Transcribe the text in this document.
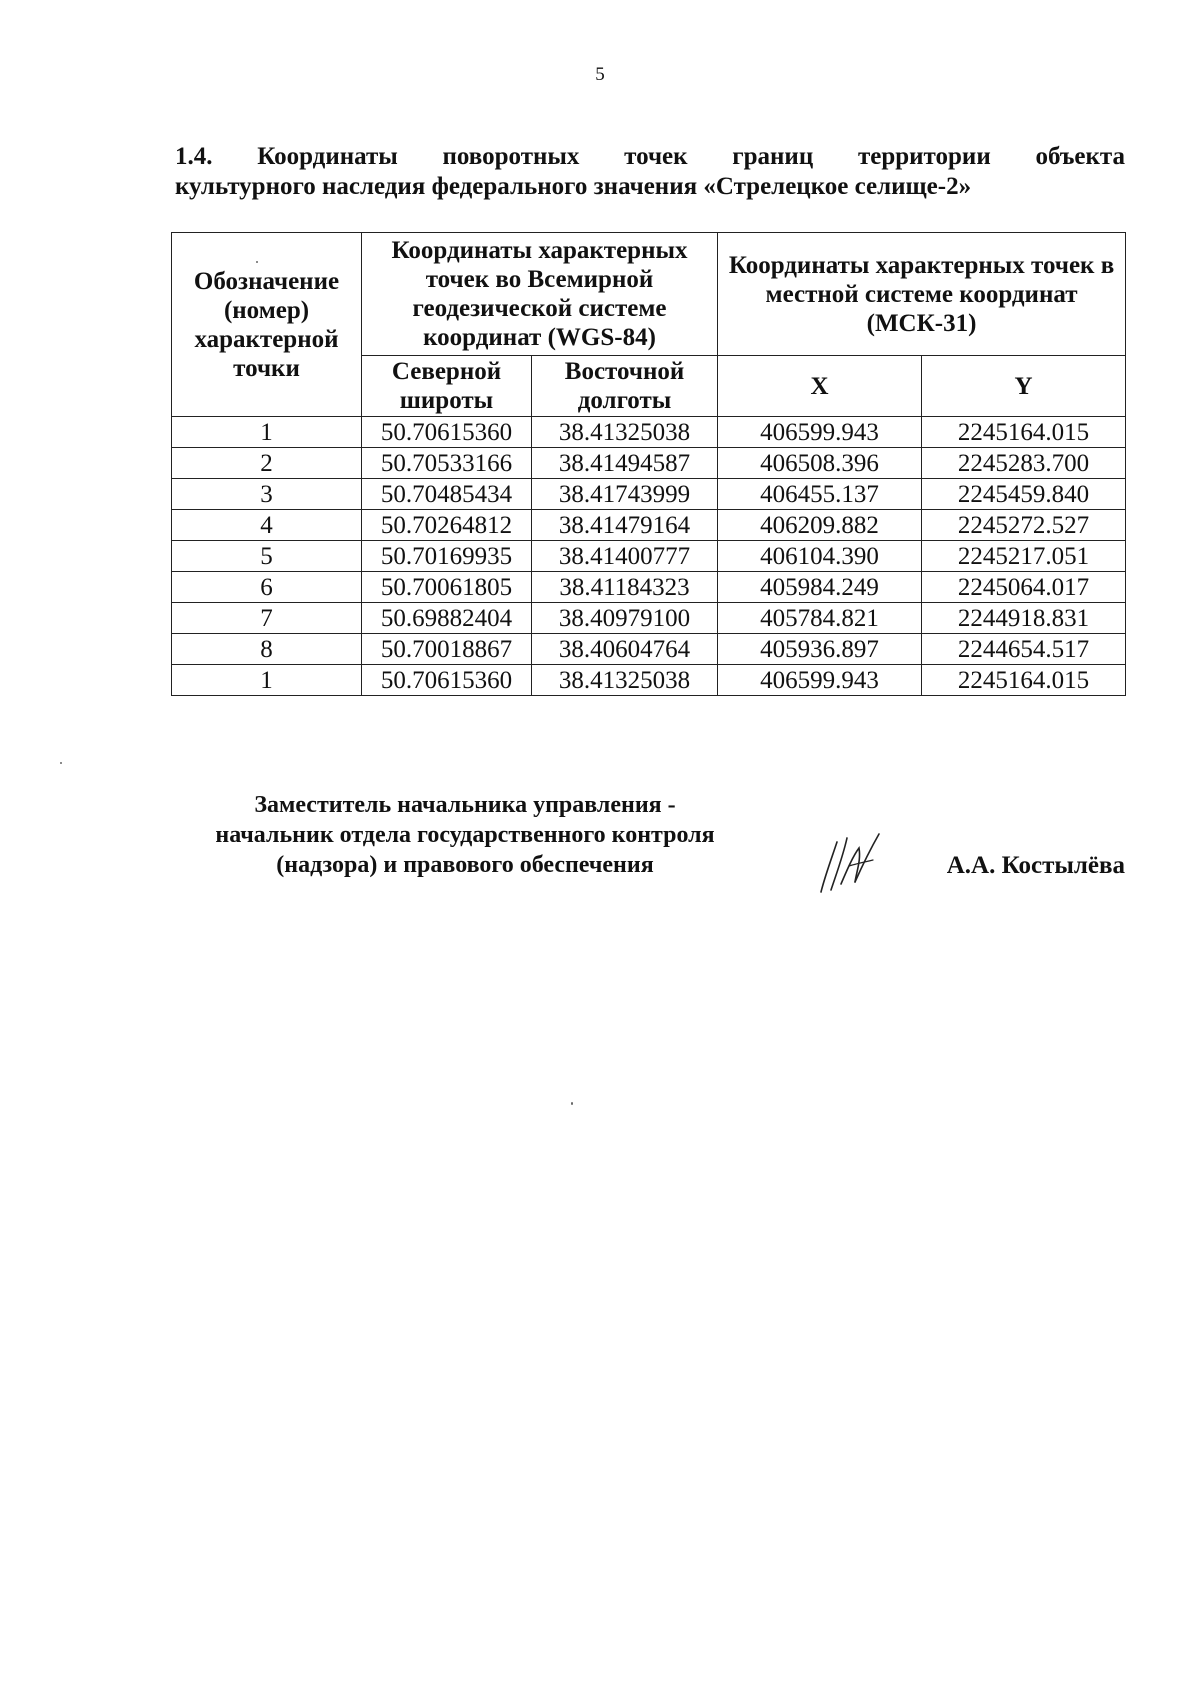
5
1.4. Координаты поворотных точек границ территории объекта
культурного наследия федерального значения «Стрелецкое селище-2»
Обозначение (номер) характерной точки	Координаты характерных точек во Всемирной геодезической системе координат (WGS-84)		Координаты характерных точек в местной системе координат (МСК-31)	
	Северной широты	Восточной долготы	X	Y
1	50.70615360	38.41325038	406599.943	2245164.015
2	50.70533166	38.41494587	406508.396	2245283.700
3	50.70485434	38.41743999	406455.137	2245459.840
4	50.70264812	38.41479164	406209.882	2245272.527
5	50.70169935	38.41400777	406104.390	2245217.051
6	50.70061805	38.41184323	405984.249	2245064.017
7	50.69882404	38.40979100	405784.821	2244918.831
8	50.70018867	38.40604764	405936.897	2244654.517
1	50.70615360	38.41325038	406599.943	2245164.015
Заместитель начальника управления -
начальник отдела государственного контроля
(надзора) и правового обеспечения	А.А. Костылёва
